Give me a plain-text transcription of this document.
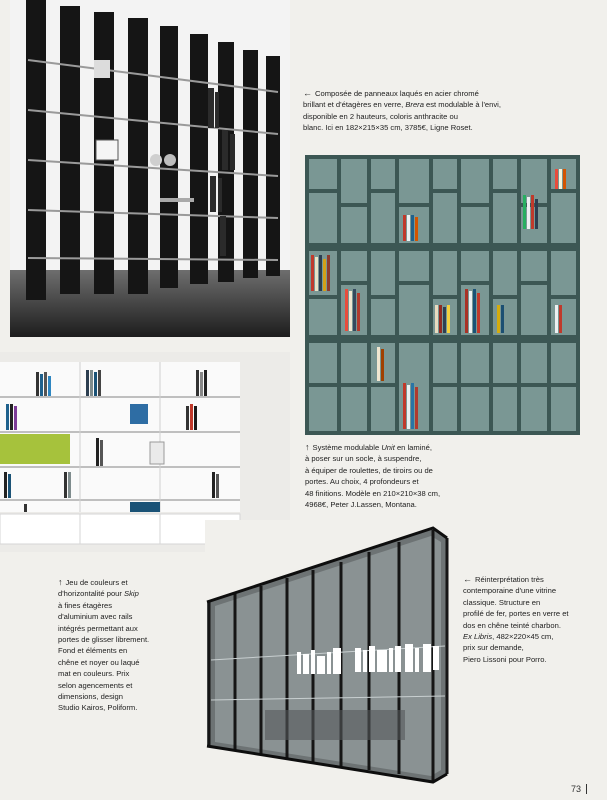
← Composée de panneaux laqués en acier chromé

brillant et d'étagères en verre, Brera est modulable à l'envi,

disponible en 2 hauteurs, coloris anthracite ou

blanc. Ici en 182×215×35 cm, 3785€, Ligne Roset.

↑ Système modulable Unit en laminé,

à poser sur un socle, à suspendre,

à équiper de roulettes, de tiroirs ou de

portes. Au choix, 4 profondeurs et

48 finitions. Modèle en 210×210×38 cm,

4968€, Peter J.Lassen, Montana.

↑ Jeu de couleurs et

d'horizontalité pour Skip

à fines étagères

d'aluminium avec rails

intégrés permettant aux

portes de glisser librement.

Fond et éléments en

chêne et noyer ou laqué

mat en couleurs. Prix

selon agencements et

dimensions, design

Studio Kairos, Poliform.

← Réinterprétation très

contemporaine d'une vitrine

classique. Structure en

profilé de fer, portes en verre et

dos en chêne teinté charbon.

Ex Libris, 482×220×45 cm,

prix sur demande,

Piero Lissoni pour Porro.

73
